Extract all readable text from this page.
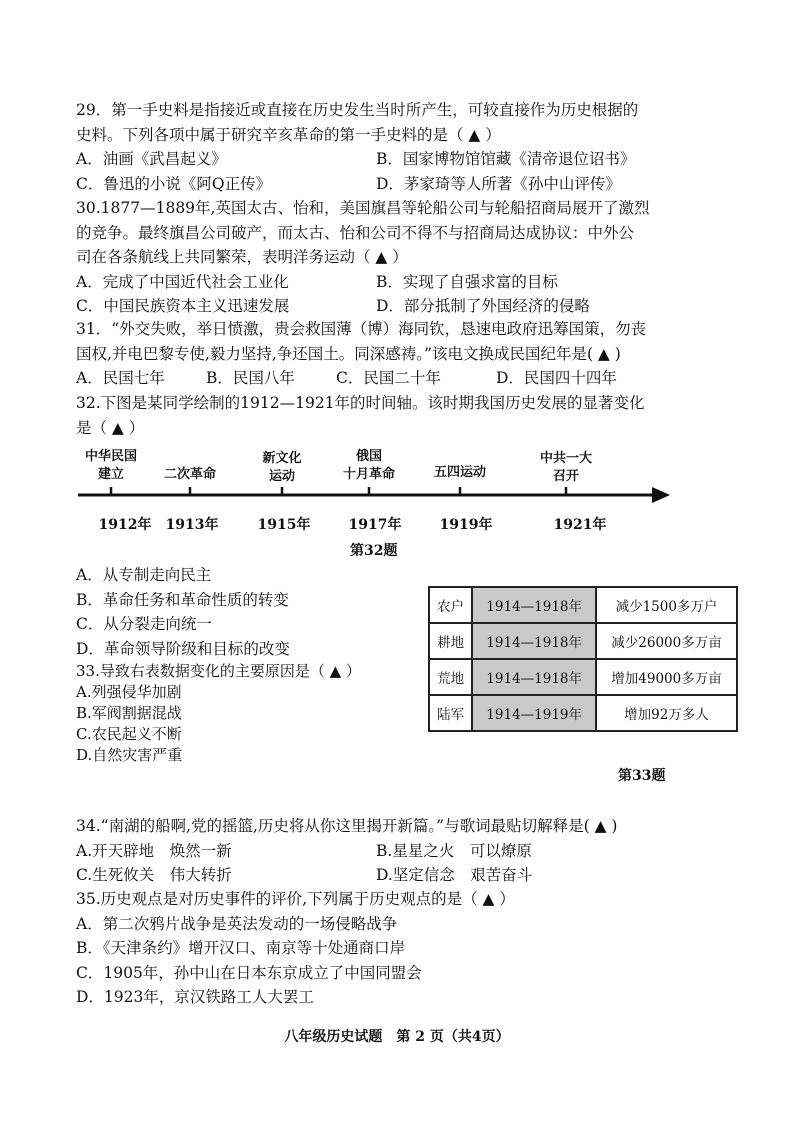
29．第一手史料是指接近或直接在历史发生当时所产生，可较直接作为历史根据的

史料。下列各项中属于研究辛亥革命的第一手史料的是（ ▲ ）

A．油画《武昌起义》	B．国家博物馆馆藏《清帝退位诏书》
C．鲁迅的小说《阿Q正传》	D．茅家琦等人所著《孙中山评传》

30.1877—1889年,英国太古、怡和，美国旗昌等轮船公司与轮船招商局展开了激烈

的竞争。最终旗昌公司破产，而太古、怡和公司不得不与招商局达成协议：中外公

司在各条航线上共同繁荣，表明洋务运动（ ▲ ）

A．完成了中国近代社会工业化	B．实现了自强求富的目标
C．中国民族资本主义迅速发展	D．部分抵制了外国经济的侵略

31．“外交失败，举日愤激，贵会救国薄（博）海同钦，恳速电政府迅筹国策，勿丧

国权,并电巴黎专使,毅力坚持,争还国土。同深感祷。”该电文换成民国纪年是( ▲ )

A．民国七年	B．民国八年	C．民国二十年	D．民国四十四年

32.下图是某同学绘制的1912—1921年的时间轴。该时期我国历史发展的显著变化

是（ ▲ ）

中华民国
建立	二次革命
新文化
运动
俄国
十月革命	五四运动
中共一大
召开
1912年	1913年	1915年	1917年	1919年	1921年
第32题

A．从专制走向民主

B．革命任务和革命性质的转变

C．从分裂走向统一

D．革命领导阶级和目标的改变

33.导致右表数据变化的主要原因是（ ▲ ）

A.列强侵华加剧

B.军阀割据混战

C.农民起义不断

D.自然灾害严重

农户	1914—1918年	减少1500多万户
耕地	1914—1918年	减少26000多万亩
荒地	1914—1918年	增加49000多万亩
陆军	1914—1919年	增加92万多人
第33题

34.“南湖的船啊,党的摇篮,历史将从你这里揭开新篇。”与歌词最贴切解释是( ▲ )

A.开天辟地　焕然一新	B.星星之火　可以燎原
C.生死攸关　伟大转折	D.坚定信念　艰苦奋斗

35.历史观点是对历史事件的评价,下列属于历史观点的是（ ▲ ）

A．第二次鸦片战争是英法发动的一场侵略战争

B．《天津条约》增开汉口、南京等十处通商口岸

C．1905年，孙中山在日本东京成立了中国同盟会

D．1923年，京汉铁路工人大罢工

八年级历史试题　第 2 页（共4页）
